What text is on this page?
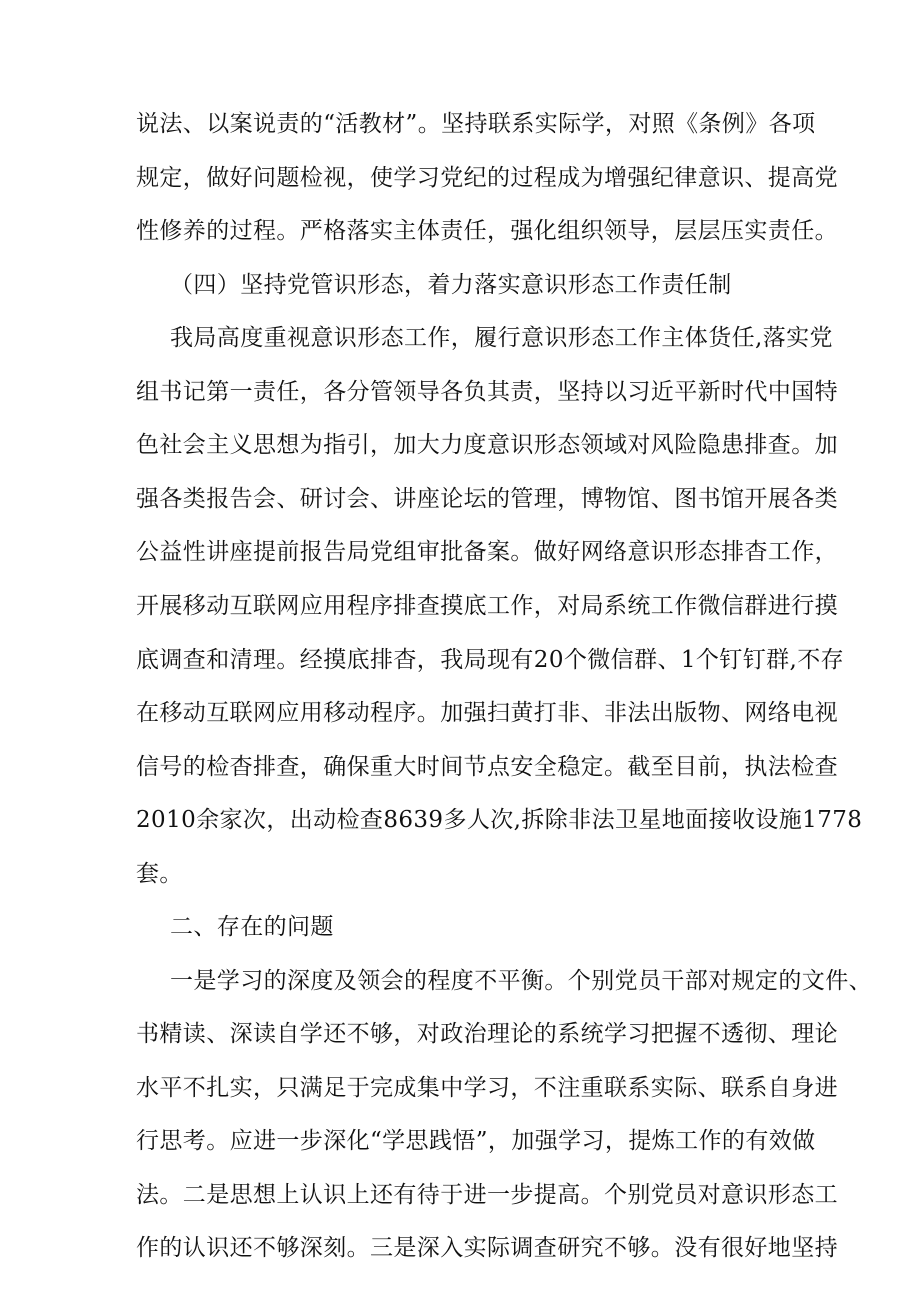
说法、以案说责的“活教材”。坚持联系实际学，对照《条例》各项
规定，做好问题检视，使学习党纪的过程成为增强纪律意识、提高党
性修养的过程。严格落实主体责任，强化组织领导，层层压实责任。
（四）坚持党管识形态，着力落实意识形态工作责任制
我局高度重视意识形态工作，履行意识形态工作主体货任,落实党
组书记第一责任，各分管领导各负其责，坚持以习近平新时代中国特
色社会主义思想为指引，加大力度意识形态领域对风险隐患排查。加
强各类报告会、研讨会、讲座论坛的管理，博物馆、图书馆开展各类
公益性讲座提前报告局党组审批备案。做好网络意识形态排杳工作，
开展移动互联网应用程序排查摸底工作，对局系统工作微信群进行摸
底调查和清理。经摸底排杳，我局现有20个微信群、1个钉钉群,不存
在移动互联网应用移动程序。加强扫黄打非、非法出版物、网络电视
信号的检杳排查，确保重大时间节点安全稳定。截至目前，执法检查
2010余家次，出动检查8639多人次,拆除非法卫星地面接收设施1778
套。
二、存在的问题
一是学习的深度及领会的程度不平衡。个别党员干部对规定的文件、
书精读、深读自学还不够，对政治理论的系统学习把握不透彻、理论
水平不扎实，只满足于完成集中学习，不注重联系实际、联系自身进
行思考。应进一步深化“学思践悟”，加强学习，提炼工作的有效做
法。二是思想上认识上还有待于进一步提高。个别党员对意识形态工
作的认识还不够深刻。三是深入实际调查研究不够。没有很好地坚持
